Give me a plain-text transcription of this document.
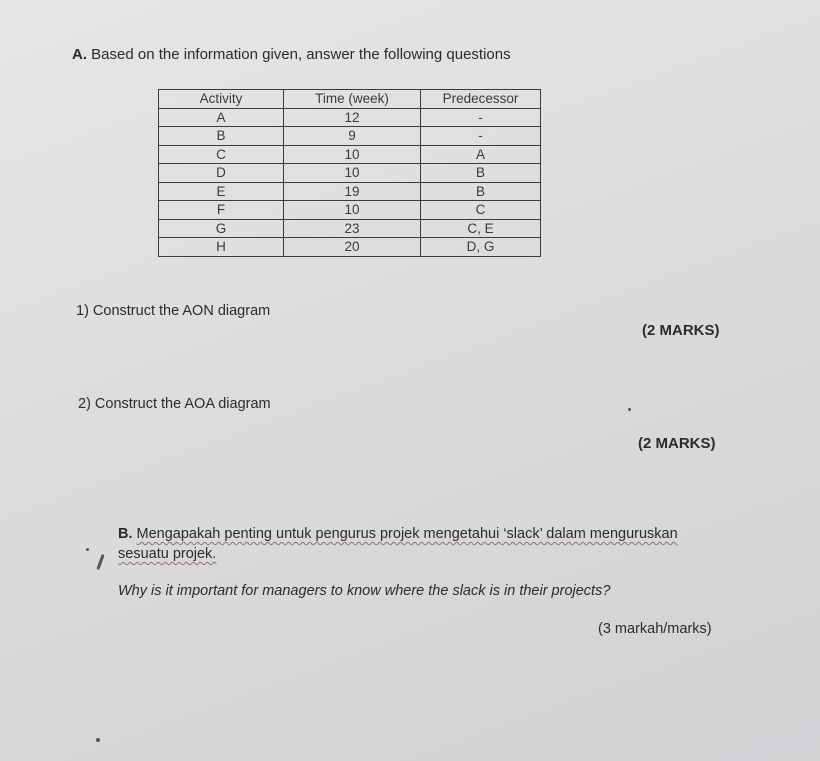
A. Based on the information given, answer the following questions
Activity	Time (week)	Predecessor
A	12	-
B	9	-
C	10	A
D	10	B
E	19	B
F	10	C
G	23	C, E
H	20	D, G
1) Construct the AON diagram
(2 MARKS)
2) Construct the AOA diagram
(2 MARKS)
B. Mengapakah penting untuk pengurus projek mengetahui ‘slack’ dalam menguruskan
sesuatu projek.
Why is it important for managers to know where the slack is in their projects?
(3 markah/marks)
